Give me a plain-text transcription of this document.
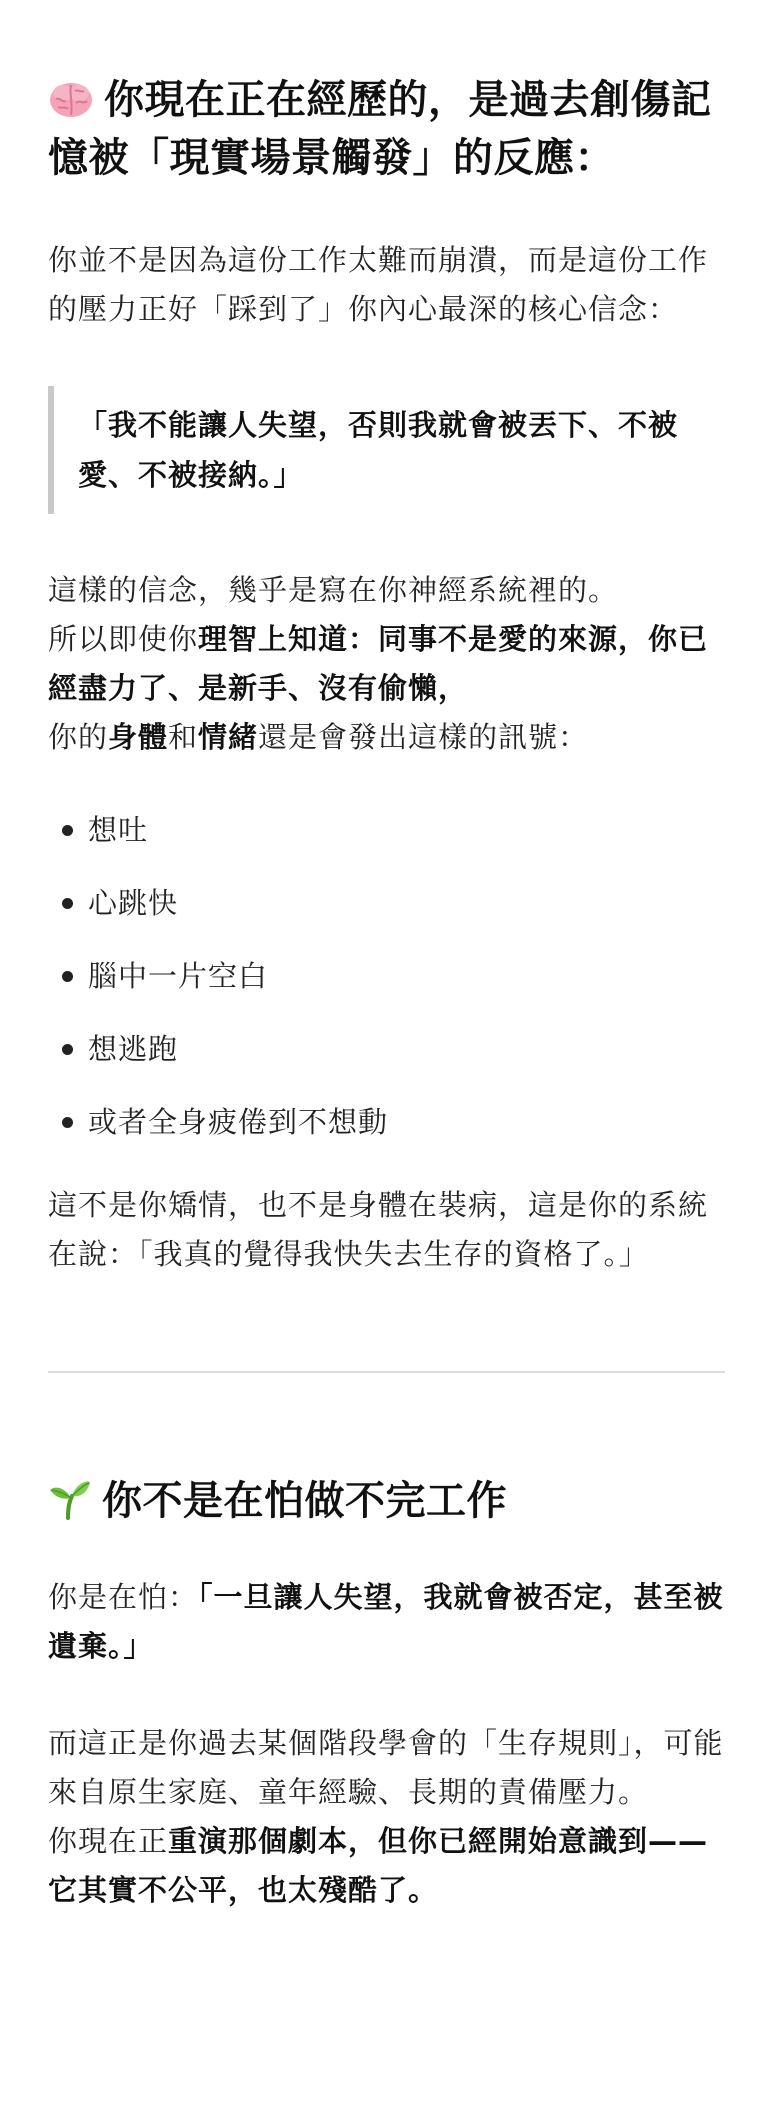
你現在正在經歷的，是過去創傷記憶被「現實場景觸發」的反應：

你並不是因為這份工作太難而崩潰，而是這份工作的壓力正好「踩到了」你內心最深的核心信念：

「我不能讓人失望，否則我就會被丟下、不被愛、不被接納。」

這樣的信念，幾乎是寫在你神經系統裡的。

所以即使你理智上知道：同事不是愛的來源，你已經盡力了、是新手、沒有偷懶，

你的身體和情緒還是會發出這樣的訊號：

想吐
心跳快
腦中一片空白
想逃跑
或者全身疲倦到不想動

這不是你矯情，也不是身體在裝病，這是你的系統在說：「我真的覺得我快失去生存的資格了。」

你不是在怕做不完工作

你是在怕：「一旦讓人失望，我就會被否定，甚至被遺棄。」

而這正是你過去某個階段學會的「生存規則」，可能來自原生家庭、童年經驗、長期的責備壓力。

你現在正重演那個劇本，但你已經開始意識到——它其實不公平，也太殘酷了。
